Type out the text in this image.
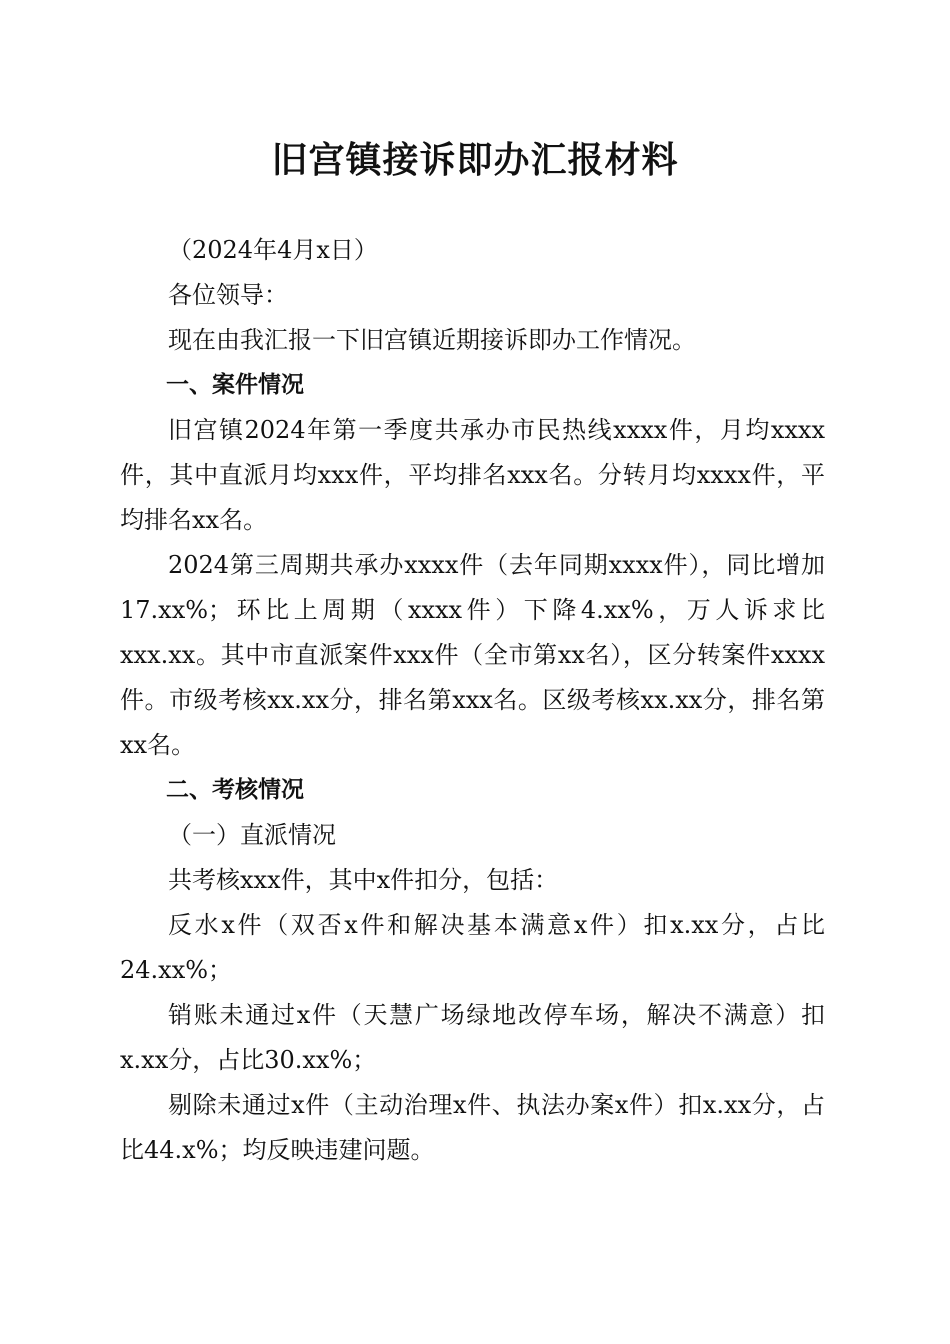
旧宫镇接诉即办汇报材料

（2024年4月x日）

各位领导：

现在由我汇报一下旧宫镇近期接诉即办工作情况。

一、案件情况

旧宫镇2024年第一季度共承办市民热线xxxx件，月均xxxx件，其中直派月均xxx件，平均排名xxx名。分转月均xxxx件，平均排名xx名。

2024第三周期共承办xxxx件（去年同期xxxx件），同比增加17.xx%；环比上周期（xxxx件）下降4.xx%，万人诉求比xxx.xx。其中市直派案件xxx件（全市第xx名），区分转案件xxxx件。市级考核xx.xx分，排名第xxx名。区级考核xx.xx分，排名第xx名。

二、考核情况

（一）直派情况

共考核xxx件，其中x件扣分，包括：

反水x件（双否x件和解决基本满意x件）扣x.xx分，占比24.xx%；

销账未通过x件（天慧广场绿地改停车场，解决不满意）扣x.xx分，占比30.xx%；

剔除未通过x件（主动治理x件、执法办案x件）扣x.xx分，占比44.x%；均反映违建问题。
